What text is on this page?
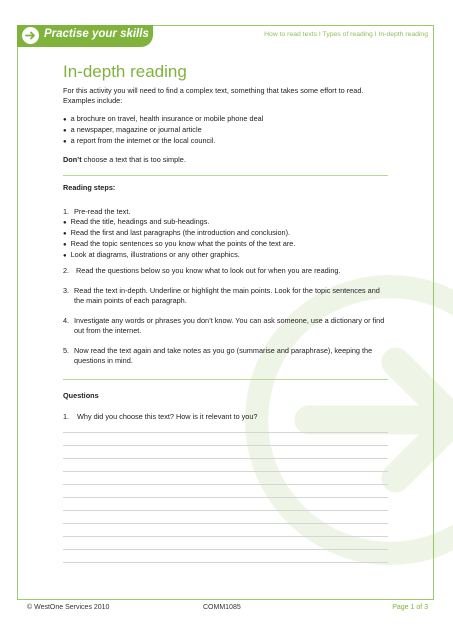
Practise your skills	How to read texts I Types of reading I In-depth reading
In-depth reading
For this activity you will need to find a complex text, something that takes some effort to read. Examples include:
● a brochure on travel, health insurance or mobile phone deal
● a newspaper, magazine or journal article
● a report from the internet or the local council.
Don’t choose a text that is too simple.
Reading steps:
1. Pre-read the text.
● Read the title, headings and sub-headings.
● Read the first and last paragraphs (the introduction and conclusion).
● Read the topic sentences so you know what the points of the text are.
● Look at diagrams, illustrations or any other graphics.
2. Read the questions below so you know what to look out for when you are reading.
3. Read the text in-depth. Underline or highlight the main points. Look for the topic sentences and the main points of each paragraph.
4. Investigate any words or phrases you don’t know. You can ask someone, use a dictionary or find out from the internet.
5. Now read the text again and take notes as you go (summarise and paraphrase), keeping the questions in mind.
Questions
1. Why did you choose this text? How is it relevant to you?
© WestOne Services 2010	COMM1085	Page 1 of 3
